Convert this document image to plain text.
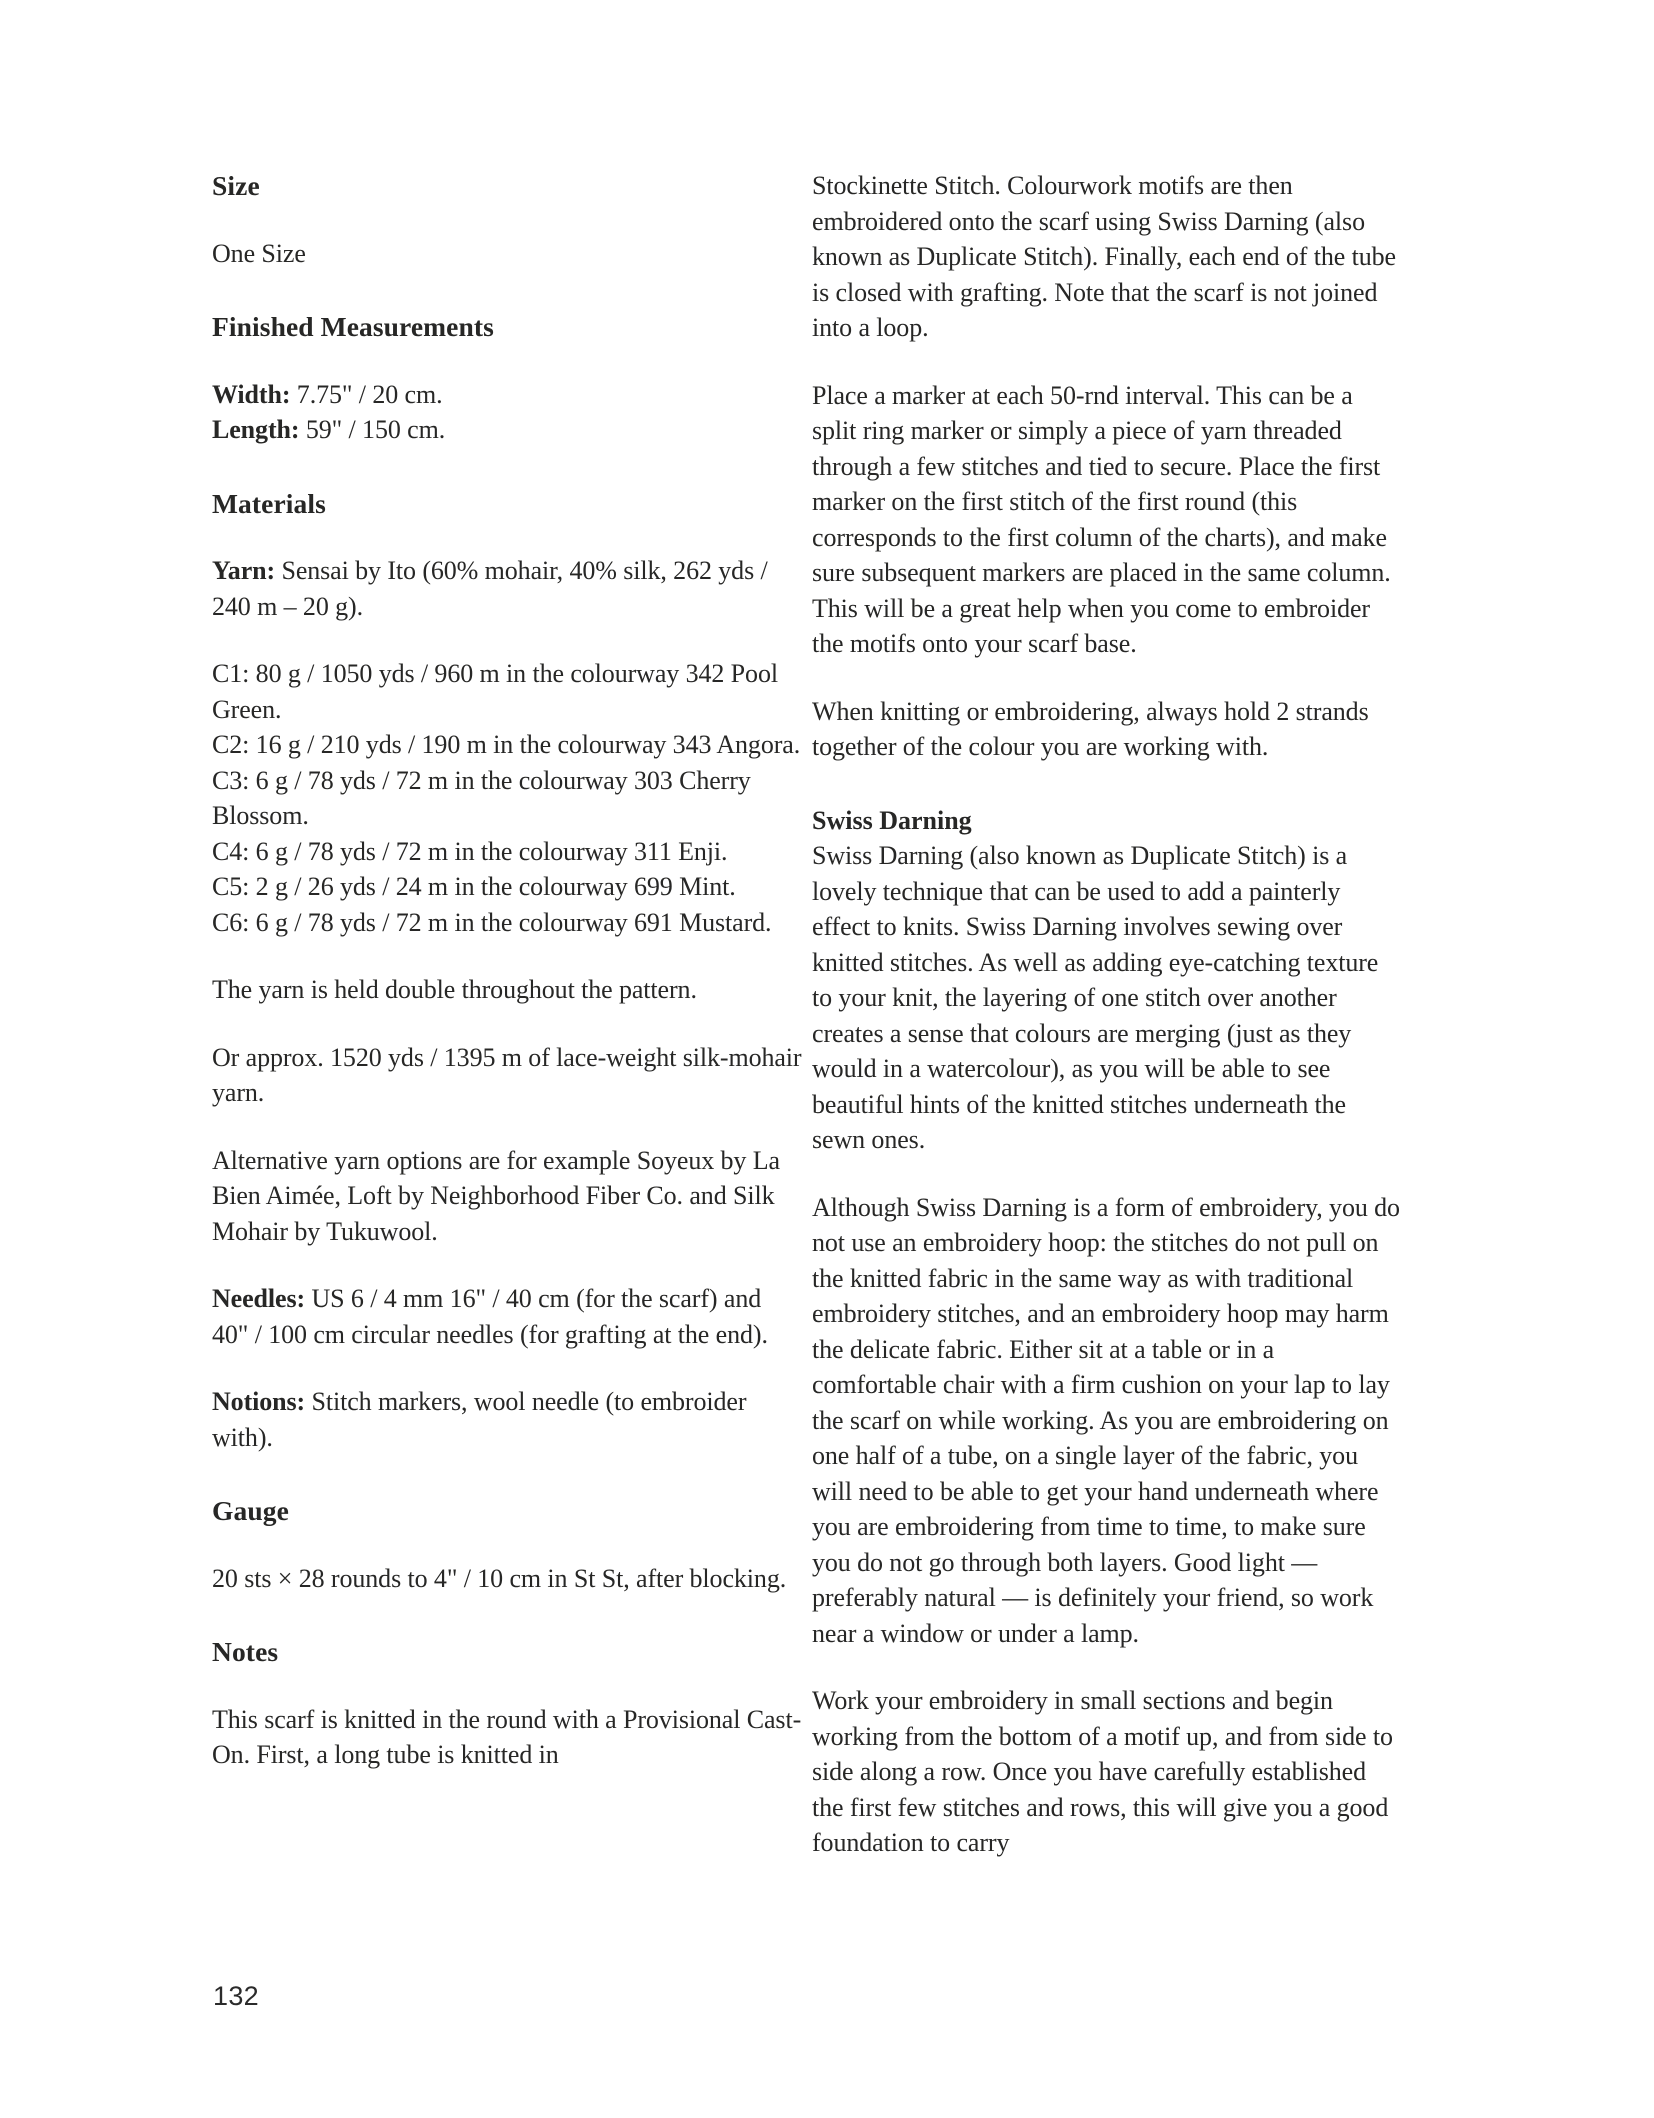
Size

One Size

Finished Measurements

Width: 7.75" / 20 cm.

Length: 59" / 150 cm.

Materials

Yarn: Sensai by Ito (60% mohair, 40% silk, 262 yds / 240 m – 20 g).

C1: 80 g / 1050 yds / 960 m in the colourway 342 Pool Green.

C2: 16 g / 210 yds / 190 m in the colourway 343 Angora.

C3: 6 g / 78 yds / 72 m in the colourway 303 Cherry Blossom.

C4: 6 g / 78 yds / 72 m in the colourway 311 Enji.

C5: 2 g / 26 yds / 24 m in the colourway 699 Mint.

C6: 6 g / 78 yds / 72 m in the colourway 691 Mustard.

The yarn is held double throughout the pattern.

Or approx. 1520 yds / 1395 m of lace-weight silk-mohair yarn.

Alternative yarn options are for example Soyeux by La Bien Aimée, Loft by Neighborhood Fiber Co. and Silk Mohair by Tukuwool.

Needles: US 6 / 4 mm 16" / 40 cm (for the scarf) and 40" / 100 cm circular needles (for grafting at the end).

Notions: Stitch markers, wool needle (to embroider with).

Gauge

20 sts × 28 rounds to 4" / 10 cm in St St, after blocking.

Notes

This scarf is knitted in the round with a Provisional Cast-On. First, a long tube is knitted in

Stockinette Stitch. Colourwork motifs are then embroidered onto the scarf using Swiss Darning (also known as Duplicate Stitch). Finally, each end of the tube is closed with grafting. Note that the scarf is not joined into a loop.

Place a marker at each 50-rnd interval. This can be a split ring marker or simply a piece of yarn threaded through a few stitches and tied to secure. Place the first marker on the first stitch of the first round (this corresponds to the first column of the charts), and make sure subsequent markers are placed in the same column. This will be a great help when you come to embroider the motifs onto your scarf base.

When knitting or embroidering, always hold 2 strands together of the colour you are working with.

Swiss Darning

Swiss Darning (also known as Duplicate Stitch) is a lovely technique that can be used to add a painterly effect to knits. Swiss Darning involves sewing over knitted stitches. As well as adding eye-catching texture to your knit, the layering of one stitch over another creates a sense that colours are merging (just as they would in a watercolour), as you will be able to see beautiful hints of the knitted stitches underneath the sewn ones.

Although Swiss Darning is a form of embroidery, you do not use an embroidery hoop: the stitches do not pull on the knitted fabric in the same way as with traditional embroidery stitches, and an embroidery hoop may harm the delicate fabric. Either sit at a table or in a comfortable chair with a firm cushion on your lap to lay the scarf on while working. As you are embroidering on one half of a tube, on a single layer of the fabric, you will need to be able to get your hand underneath where you are embroidering from time to time, to make sure you do not go through both layers. Good light — preferably natural — is definitely your friend, so work near a window or under a lamp.

Work your embroidery in small sections and begin working from the bottom of a motif up, and from side to side along a row. Once you have carefully established the first few stitches and rows, this will give you a good foundation to carry

132
